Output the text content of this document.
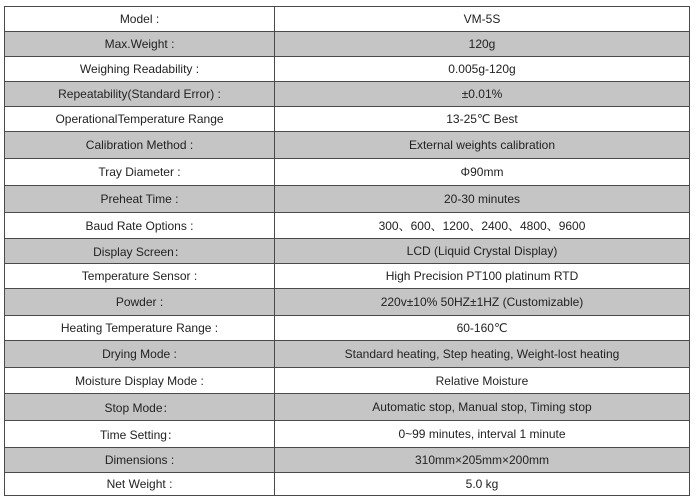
Model :	VM-5S
Max.Weight :	120g
Weighing Readability :	0.005g-120g
Repeatability(Standard Error) :	±0.01%
OperationalTemperature Range	13-25℃ Best
Calibration Method :	External weights calibration
Tray Diameter :	Φ90mm
Preheat Time :	20-30 minutes
Baud Rate Options :	300、600、1200、2400、4800、9600
Display Screen：	LCD (Liquid Crystal Display)
Temperature Sensor :	High Precision PT100 platinum RTD
Powder :	220v±10% 50HZ±1HZ (Customizable)
Heating Temperature Range :	60-160℃
Drying Mode :	Standard heating, Step heating, Weight-lost heating
Moisture Display Mode :	Relative Moisture
Stop Mode：	Automatic stop, Manual stop, Timing stop
Time Setting：	0~99 minutes, interval 1 minute
Dimensions :	310mm×205mm×200mm
Net Weight :	5.0 kg
